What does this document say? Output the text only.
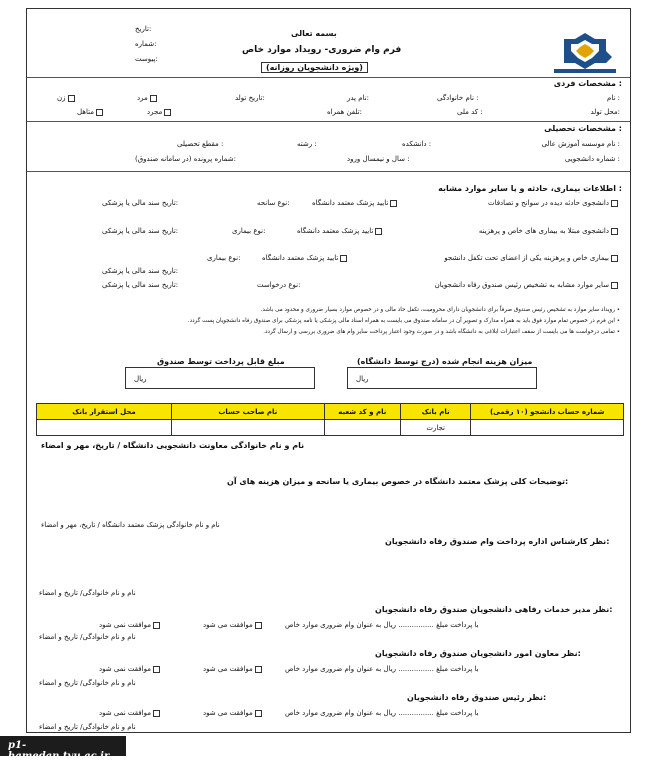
بسمه تعالی
فرم وام ضروری- رویداد موارد خاص
(ویژه دانشجویان روزانه)
تاریخ:
شماره:
پیوست:
مشخصات فردی :
نام :
نام خانوادگی :
نام پدر:
تاریخ تولد:
مرد
زن
محل تولد:
کد ملی :
تلفن همراه:
مجرد
متاهل
مشخصات تحصیلی :
نام موسسه آموزش عالی :
دانشکده :
رشته :
مقطع تحصیلی :
شماره دانشجویی :
سال و نیمسال ورود :
شماره پرونده (در سامانه صندوق):
اطلاعات بیماری، حادثه و یا سایر موارد مشابه :
دانشجوی حادثه دیده در سوانح و تصادفات
تایید پزشک معتمد دانشگاه
نوع سانحه:
تاریخ سند مالی یا پزشکی:
دانشجوی مبتلا به بیماری های خاص و پرهزینه
تایید پزشک معتمد دانشگاه
نوع بیماری:
تاریخ سند مالی یا پزشکی:
بیماری خاص و پرهزینه یکی از اعضای تحت تکفل دانشجو
تایید پزشک معتمد دانشگاه
نوع بیماری:
تاریخ سند مالی یا پزشکی:
سایر موارد مشابه به تشخیص رئیس صندوق رفاه دانشجویان
نوع درخواست:
تاریخ سند مالی یا پزشکی:
• رویداد سایر موارد به تشخیص رئیس صندوق صرفاً برای دانشجویان دارای محرومیت، تکفل حاد مالی و در خصوص موارد بسیار ضروری و محدود می باشد.
• این فرم در خصوص تمام موارد فوق باید به همراه مدارک و تصویر آن در سامانه صندوق می بایست به همراه اسناد مالی پزشکی یا نامه پزشکی برای صندوق رفاه دانشجویان پست گردد.
• تمامی درخواست ها می بایست از سقف اعتبارات ابلاغی به دانشگاه باشد و در صورت وجود اعتبار پرداخت سایر وام های ضروری بررسی و ارسال گردد.
میزان هزینه انجام شده (درج توسط دانشگاه)
ریال
مبلغ قابل پرداخت توسط صندوق
ریال
شماره حساب دانشجو (۱۰ رقمی)	نام بانک	نام و کد شعبه	نام صاحب حساب	محل استقرار بانک
	تجارت			
نام و نام خانوادگی معاونت دانشجویی دانشگاه / تاریخ، مهر و امضاء
توضیحات کلی پزشک معتمد دانشگاه در خصوص بیماری یا سانحه و میزان هزینه های آن:
نام و نام خانوادگی پزشک معتمد دانشگاه / تاریخ، مهر و امضاء
نظر کارشناس اداره پرداخت وام صندوق رفاه دانشجویان:
نام و نام خانوادگی/ تاریخ و امضاء
نظر مدیر خدمات رفاهی دانشجویان صندوق رفاه دانشجویان:
با پرداخت مبلغ ................ ریال به عنوان وام ضروری موارد خاص
موافقت می شود
موافقت نمی شود
نام و نام خانوادگی/ تاریخ و امضاء
نظر معاون امور دانشجویان صندوق رفاه دانشجویان:
با پرداخت مبلغ ................ ریال به عنوان وام ضروری موارد خاص
موافقت می شود
موافقت نمی شود
نام و نام خانوادگی/ تاریخ و امضاء
نظر رئیس صندوق رفاه دانشجویان:
با پرداخت مبلغ ................ ریال به عنوان وام ضروری موارد خاص
موافقت می شود
موافقت نمی شود
نام و نام خانوادگی/ تاریخ و امضاء
p1-hamedan.tvu.ac.ir
